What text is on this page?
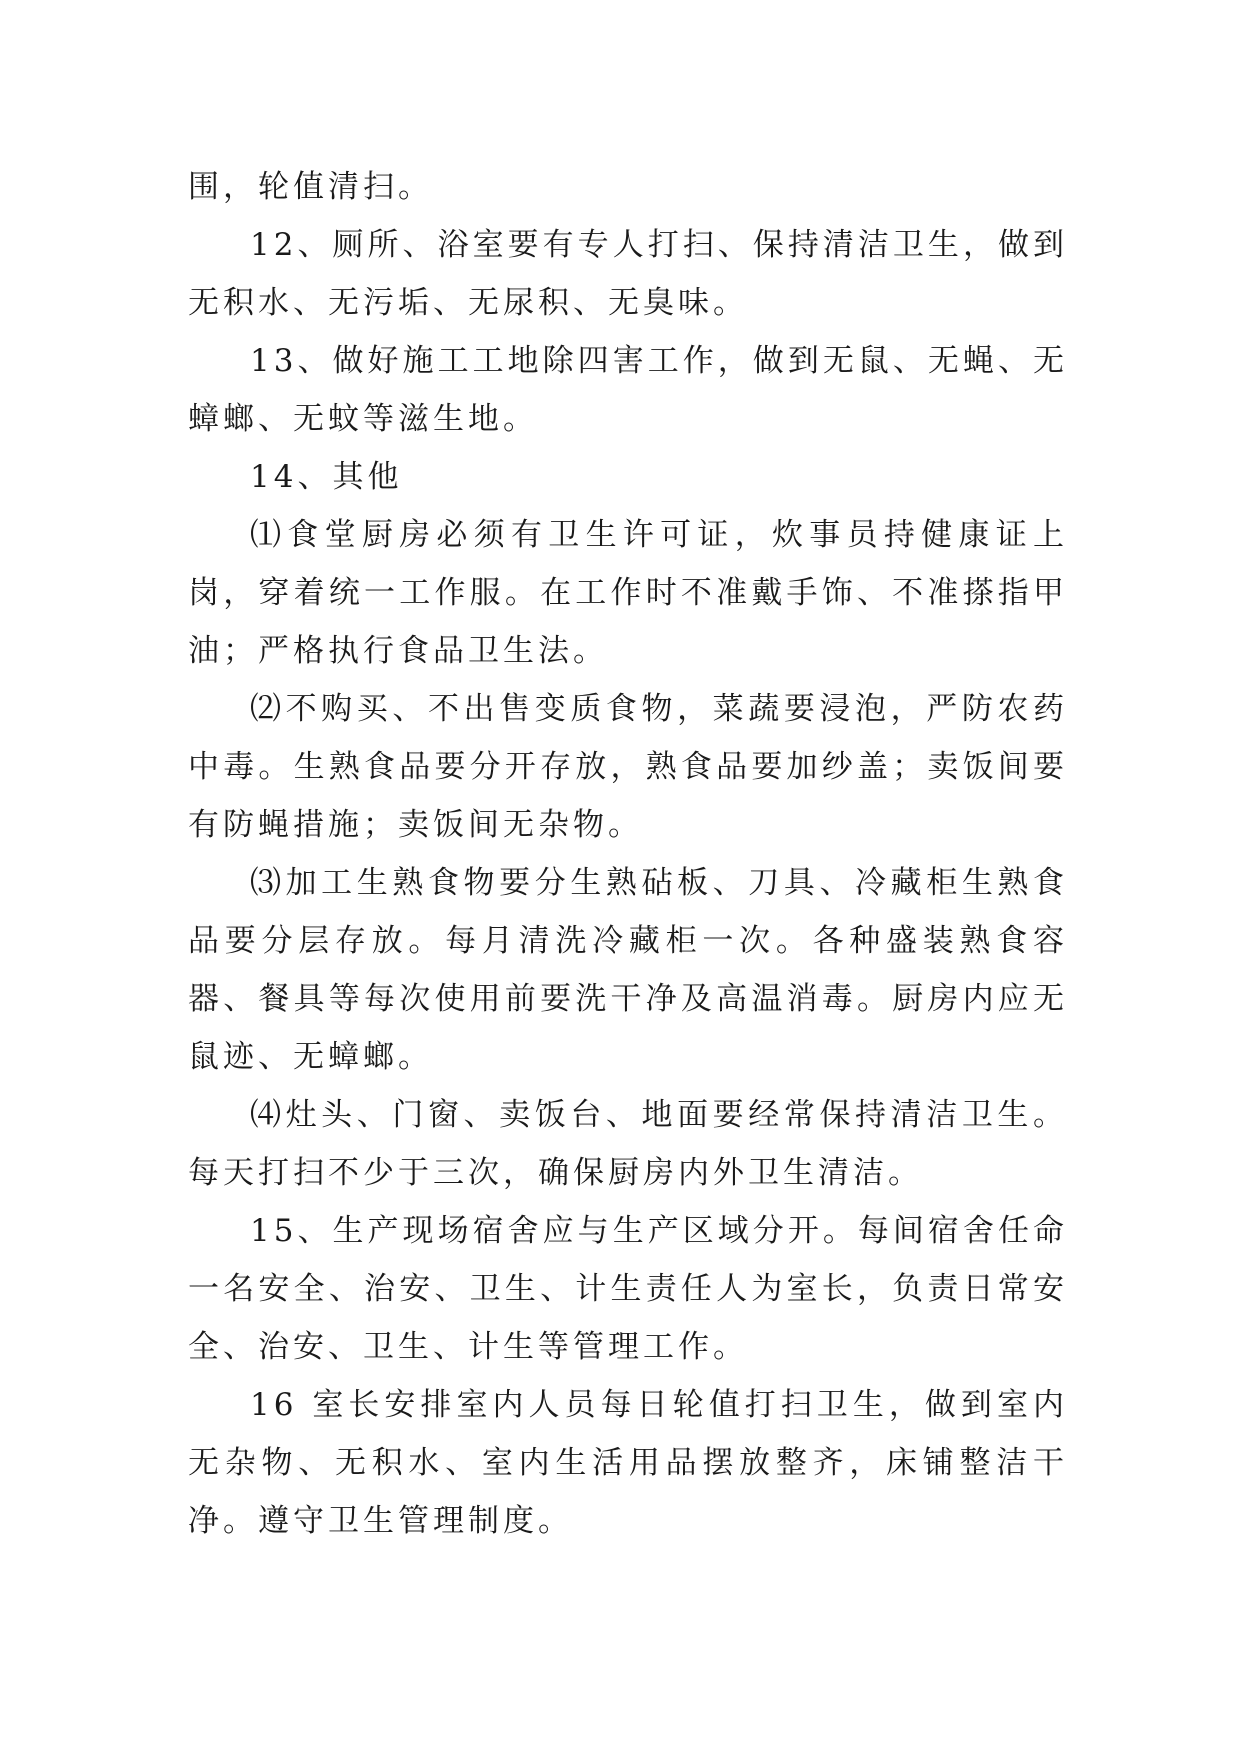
围，轮值清扫。

12、厕所、浴室要有专人打扫、保持清洁卫生，做到无积水、无污垢、无尿积、无臭味。

13、做好施工工地除四害工作，做到无鼠、无蝇、无蟑螂、无蚊等滋生地。

14、其他

⑴食堂厨房必须有卫生许可证，炊事员持健康证上岗，穿着统一工作服。在工作时不准戴手饰、不准搽指甲油；严格执行食品卫生法。

⑵不购买、不出售变质食物，菜蔬要浸泡，严防农药中毒。生熟食品要分开存放，熟食品要加纱盖；卖饭间要有防蝇措施；卖饭间无杂物。

⑶加工生熟食物要分生熟砧板、刀具、冷藏柜生熟食品要分层存放。每月清洗冷藏柜一次。各种盛装熟食容器、餐具等每次使用前要洗干净及高温消毒。厨房内应无鼠迹、无蟑螂。

⑷灶头、门窗、卖饭台、地面要经常保持清洁卫生。每天打扫不少于三次，确保厨房内外卫生清洁。

15、生产现场宿舍应与生产区域分开。每间宿舍任命一名安全、治安、卫生、计生责任人为室长，负责日常安全、治安、卫生、计生等管理工作。

16 室长安排室内人员每日轮值打扫卫生，做到室内无杂物、无积水、室内生活用品摆放整齐，床铺整洁干净。遵守卫生管理制度。
